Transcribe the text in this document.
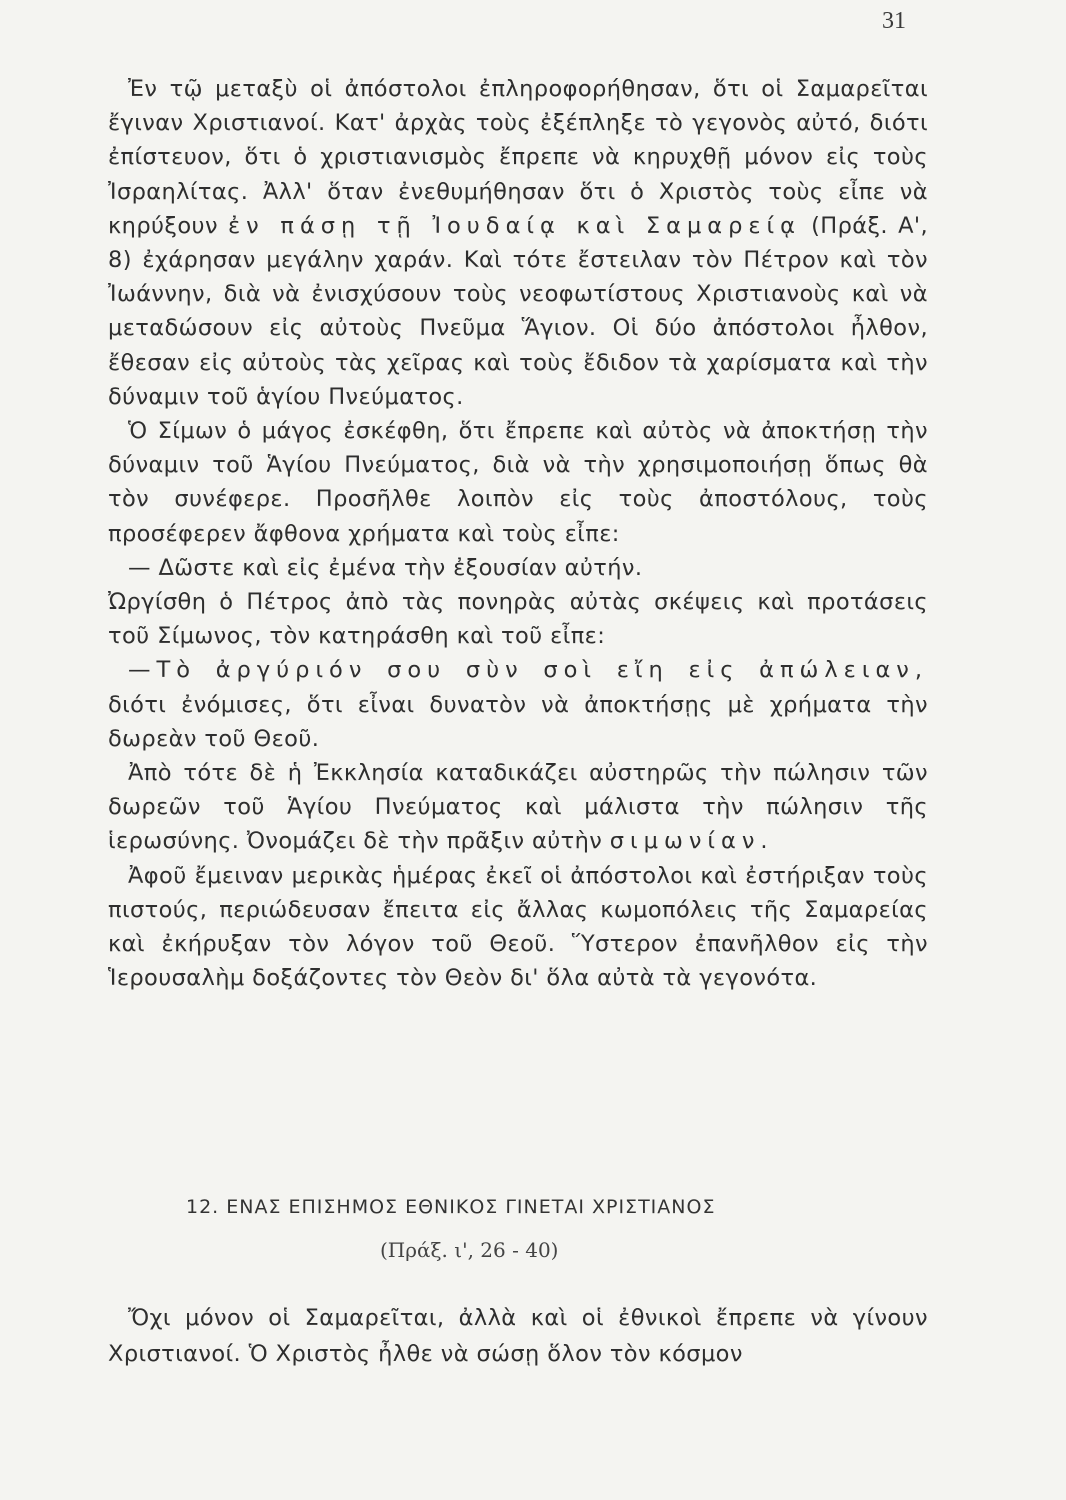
31

Ἐν τῷ μεταξὺ οἱ ἀπόστολοι ἐπληροφορήθησαν, ὅτι οἱ Σαμαρεῖται ἔγιναν Χριστιανοί. Κατ' ἀρχὰς τοὺς ἐξέπληξε τὸ γεγονὸς αὐτό, διότι ἐπίστευον, ὅτι ὁ χριστιανισμὸς ἔπρεπε νὰ κηρυχθῇ μόνον εἰς τοὺς Ἰσραηλίτας. Ἀλλ' ὅταν ἐνεθυμήθησαν ὅτι ὁ Χριστὸς τοὺς εἶπε νὰ κηρύξουν ἐν πάσῃ τῇ Ἰουδαίᾳ καὶ Σαμαρείᾳ (Πράξ. Α', 8) ἐχάρησαν μεγάλην χαράν. Καὶ τότε ἔστειλαν τὸν Πέτρον καὶ τὸν Ἰωάννην, διὰ νὰ ἐνισχύσουν τοὺς νεοφωτίστους Χριστιανοὺς καὶ νὰ μεταδώσουν εἰς αὐτοὺς Πνεῦμα Ἅγιον. Οἱ δύο ἀπόστολοι ἦλθον, ἔθεσαν εἰς αὐτοὺς τὰς χεῖρας καὶ τοὺς ἔδιδον τὰ χαρίσματα καὶ τὴν δύναμιν τοῦ ἁγίου Πνεύματος.

Ὁ Σίμων ὁ μάγος ἐσκέφθη, ὅτι ἔπρεπε καὶ αὐτὸς νὰ ἀποκτήσῃ τὴν δύναμιν τοῦ Ἁγίου Πνεύματος, διὰ νὰ τὴν χρησιμοποιήσῃ ὅπως θὰ τὸν συνέφερε. Προσῆλθε λοιπὸν εἰς τοὺς ἀποστόλους, τοὺς προσέφερεν ἄφθονα χρήματα καὶ τοὺς εἶπε:

— Δῶστε καὶ εἰς ἐμένα τὴν ἐξουσίαν αὐτήν.

Ὠργίσθη ὁ Πέτρος ἀπὸ τὰς πονηρὰς αὐτὰς σκέψεις καὶ προτάσεις τοῦ Σίμωνος, τὸν κατηράσθη καὶ τοῦ εἶπε:

—Τὸ ἀργύριόν σου σὺν σοὶ εἴη εἰς ἀπώλειαν, διότι ἐνόμισες, ὅτι εἶναι δυνατὸν νὰ ἀποκτήσῃς μὲ χρήματα τὴν δωρεὰν τοῦ Θεοῦ.

Ἀπὸ τότε δὲ ἡ Ἐκκλησία καταδικάζει αὐστηρῶς τὴν πώλησιν τῶν δωρεῶν τοῦ Ἁγίου Πνεύματος καὶ μάλιστα τὴν πώλησιν τῆς ἱερωσύνης. Ὀνομάζει δὲ τὴν πρᾶξιν αὐτὴν σιμωνίαν.

Ἀφοῦ ἔμειναν μερικὰς ἡμέρας ἐκεῖ οἱ ἀπόστολοι καὶ ἐστήριξαν τοὺς πιστούς, περιώδευσαν ἔπειτα εἰς ἄλλας κωμοπόλεις τῆς Σαμαρείας καὶ ἐκήρυξαν τὸν λόγον τοῦ Θεοῦ. Ὕστερον ἐπανῆλθον εἰς τὴν Ἱερουσαλὴμ δοξάζοντες τὸν Θεὸν δι' ὅλα αὐτὰ τὰ γεγονότα.

12. ΕΝΑΣ ΕΠΙΣΗΜΟΣ ΕΘΝΙΚΟΣ ΓΙΝΕΤΑΙ ΧΡΙΣΤΙΑΝΟΣ
(Πράξ. ι', 26 - 40)

Ὄχι μόνον οἱ Σαμαρεῖται, ἀλλὰ καὶ οἱ ἐθνικοὶ ἔπρεπε νὰ γίνουν Χριστιανοί. Ὁ Χριστὸς ἦλθε νὰ σώσῃ ὅλον τὸν κόσμον
